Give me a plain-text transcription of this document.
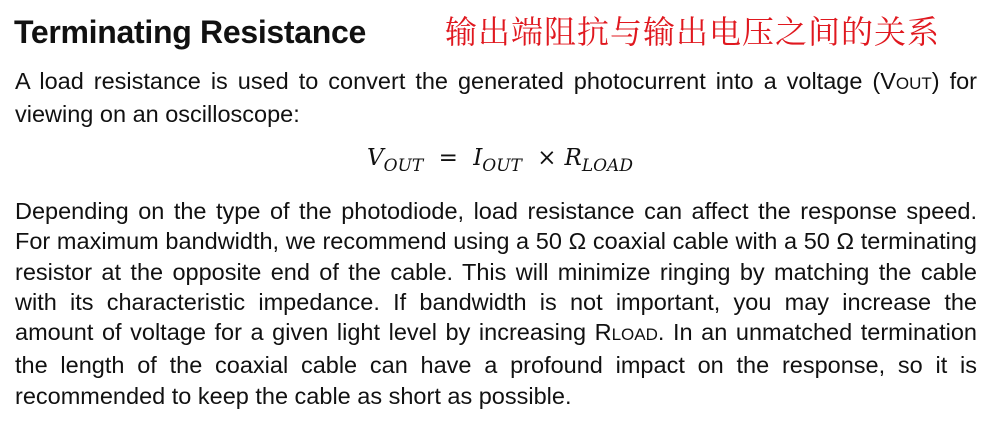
Terminating Resistance 输出端阻抗与输出电压之间的关系

A load resistance is used to convert the generated photocurrent into a voltage (VOUT) for viewing on an oscilloscope:

$V_{OUT} = I_{OUT} \times R_{LOAD}$

Depending on the type of the photodiode, load resistance can affect the response speed. For maximum bandwidth, we recommend using a 50 Ω coaxial cable with a 50 Ω terminating resistor at the opposite end of the cable. This will minimize ringing by matching the cable with its characteristic impedance. If bandwidth is not important, you may increase the amount of voltage for a given light level by increasing RLOAD. In an unmatched termination the length of the coaxial cable can have a profound impact on the response, so it is recommended to keep the cable as short as possible.
